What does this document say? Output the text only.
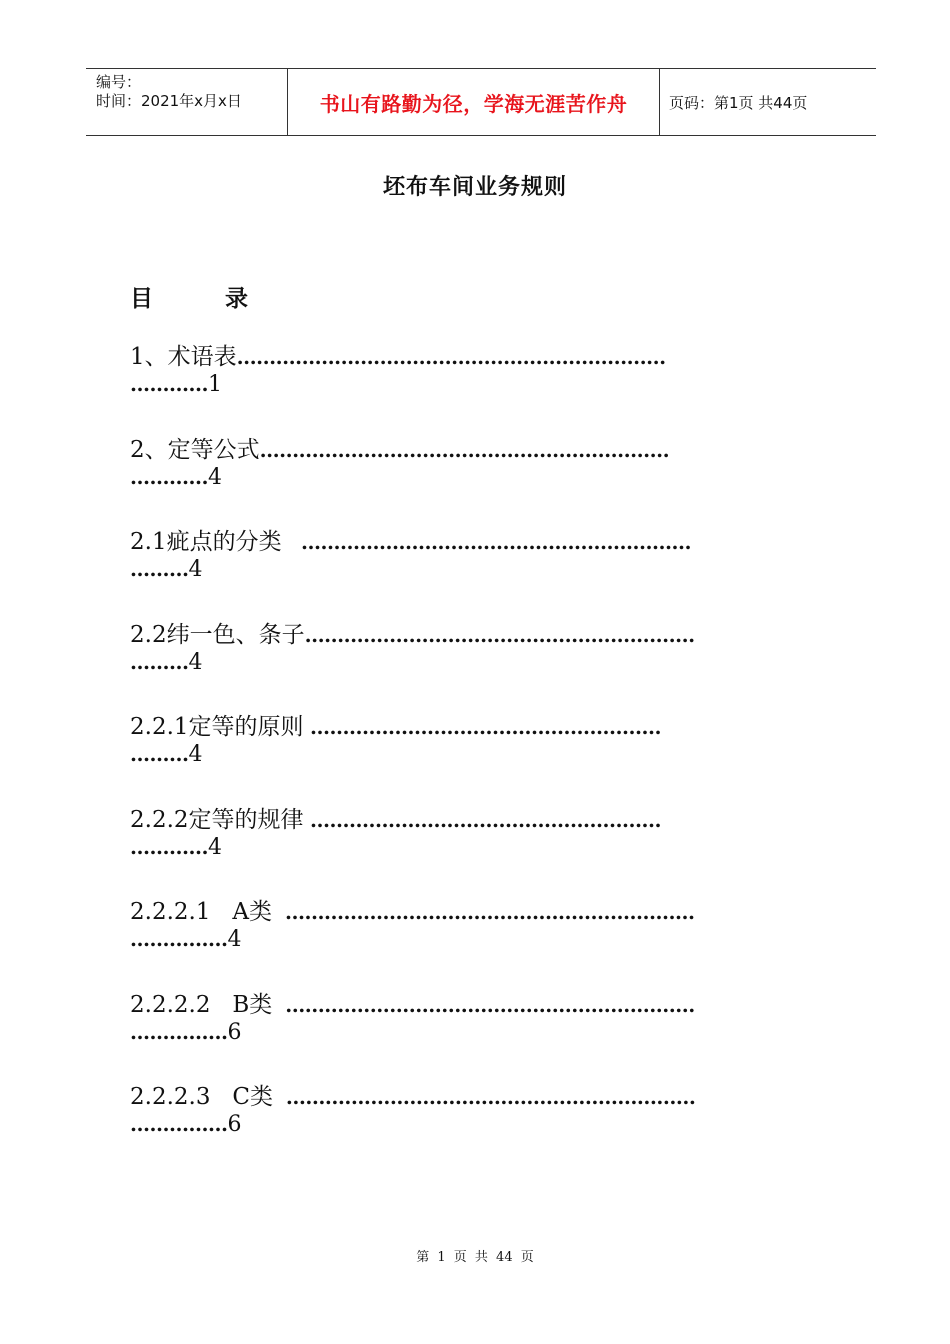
编号：
时间：2021年x月x日	书山有路勤为径，学海无涯苦作舟	页码：第1页 共44页
坯布车间业务规则
目	录
1、术语表 …………………………………………………………
………… 1
2、定等公式 ………………………………………………………
………… 4
2.1疵点的分类 ……………………………………………………
……… 4
2.2纬一色、条子 ……………………………………………………
……… 4
2.2.1定等的原则 ………………………………………………
……… 4
2.2.2定等的规律 ………………………………………………
………… 4
2.2.2.1   A类 ………………………………………………………
…………… 4
2.2.2.2   B类 ………………………………………………………
…………… 6
2.2.2.3   C类 ………………………………………………………
…………… 6
第 1 页 共 44 页
